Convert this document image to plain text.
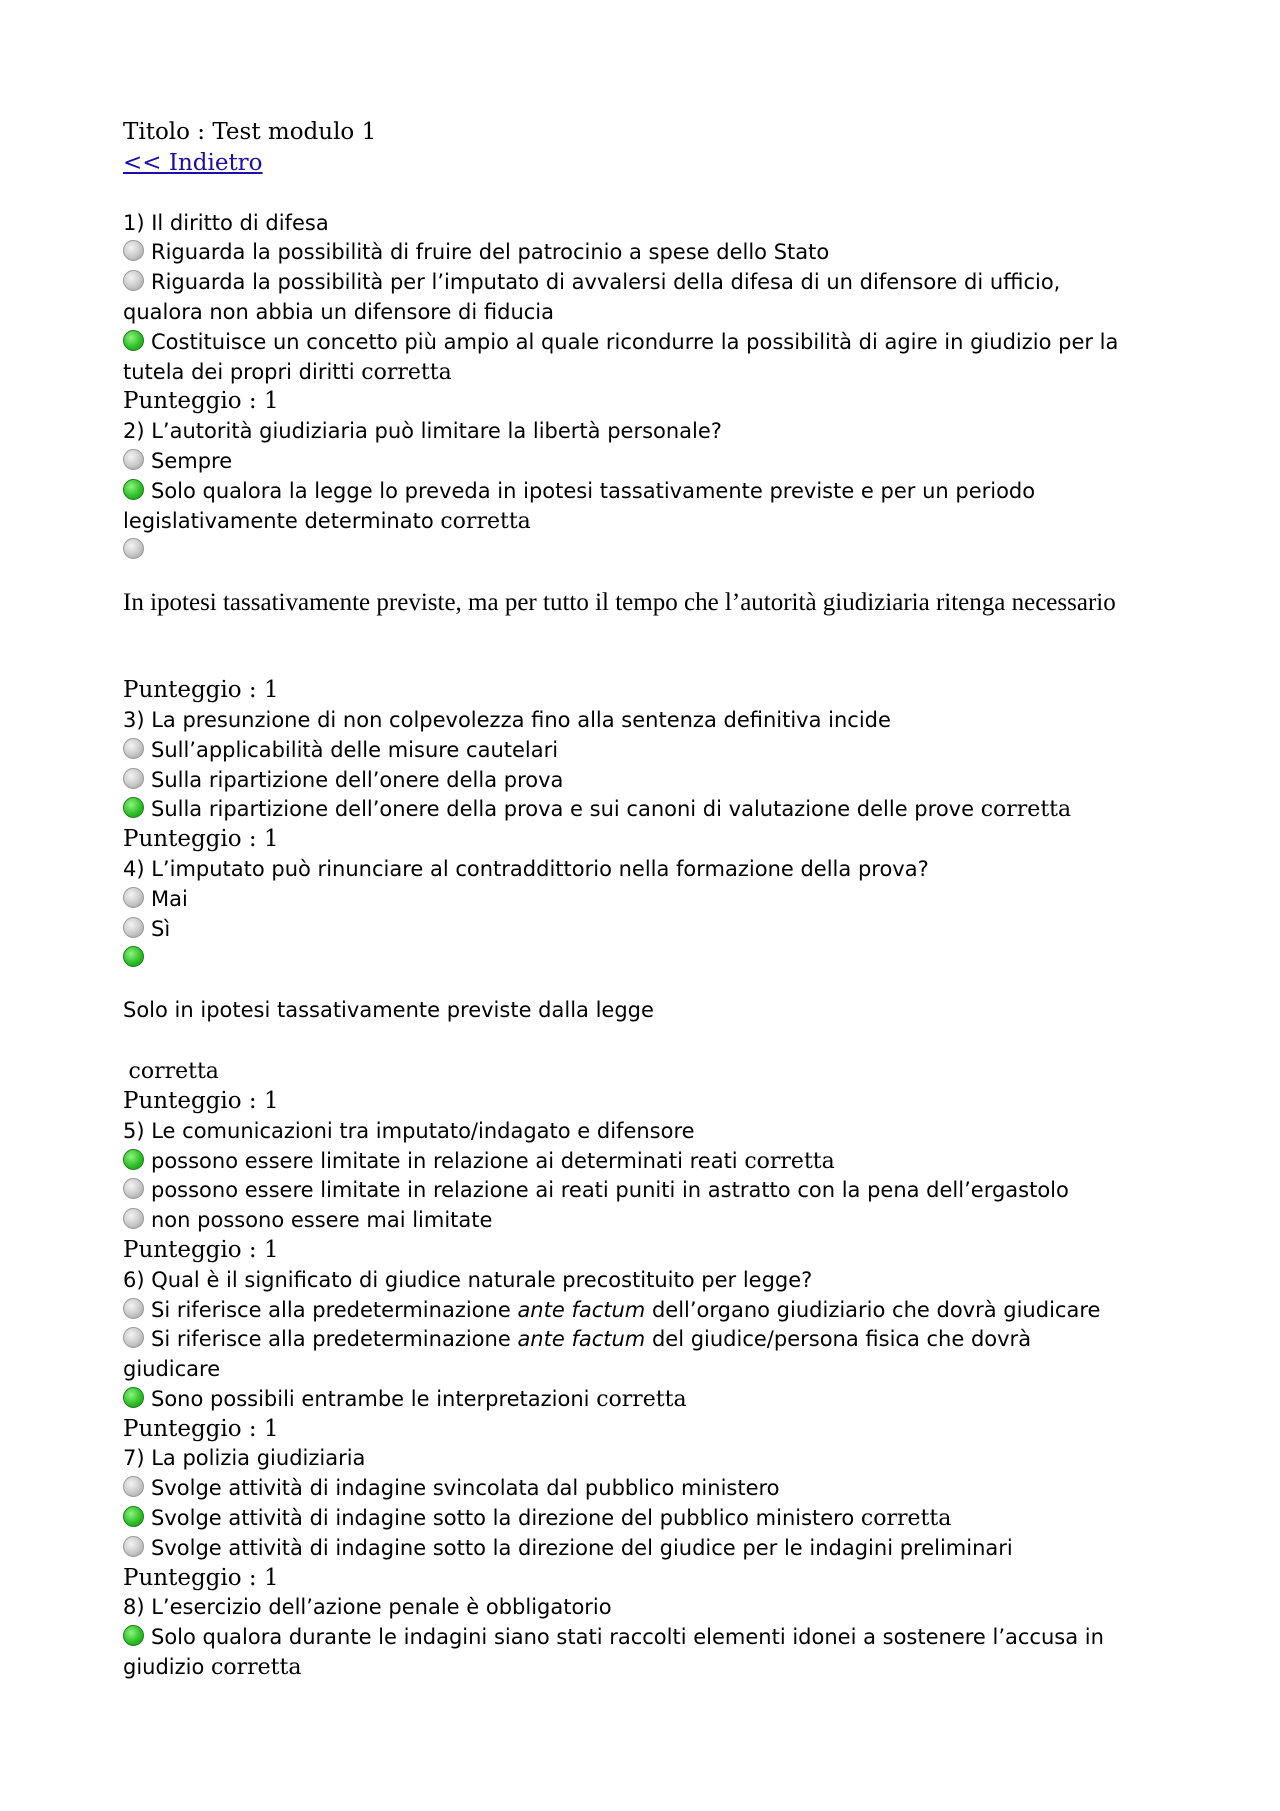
Titolo : Test modulo 1
<< Indietro
1) Il diritto di difesa
Riguarda la possibilità di fruire del patrocinio a spese dello Stato
Riguarda la possibilità per l’imputato di avvalersi della difesa di un difensore di ufficio,
qualora non abbia un difensore di fiducia
Costituisce un concetto più ampio al quale ricondurre la possibilità di agire in giudizio per la
tutela dei propri diritti corretta
Punteggio : 1
2) L’autorità giudiziaria può limitare la libertà personale?
Sempre
Solo qualora la legge lo preveda in ipotesi tassativamente previste e per un periodo
legislativamente determinato corretta
In ipotesi tassativamente previste, ma per tutto il tempo che l’autorità giudiziaria ritenga necessario
Punteggio : 1
3) La presunzione di non colpevolezza fino alla sentenza definitiva incide
Sull’applicabilità delle misure cautelari
Sulla ripartizione dell’onere della prova
Sulla ripartizione dell’onere della prova e sui canoni di valutazione delle prove corretta
Punteggio : 1
4) L’imputato può rinunciare al contraddittorio nella formazione della prova?
Mai
Sì
Solo in ipotesi tassativamente previste dalla legge
corretta
Punteggio : 1
5) Le comunicazioni tra imputato/indagato e difensore
possono essere limitate in relazione ai determinati reati corretta
possono essere limitate in relazione ai reati puniti in astratto con la pena dell’ergastolo
non possono essere mai limitate
Punteggio : 1
6) Qual è il significato di giudice naturale precostituito per legge?
Si riferisce alla predeterminazione ante factum dell’organo giudiziario che dovrà giudicare
Si riferisce alla predeterminazione ante factum del giudice/persona fisica che dovrà
giudicare
Sono possibili entrambe le interpretazioni corretta
Punteggio : 1
7) La polizia giudiziaria
Svolge attività di indagine svincolata dal pubblico ministero
Svolge attività di indagine sotto la direzione del pubblico ministero corretta
Svolge attività di indagine sotto la direzione del giudice per le indagini preliminari
Punteggio : 1
8) L’esercizio dell’azione penale è obbligatorio
Solo qualora durante le indagini siano stati raccolti elementi idonei a sostenere l’accusa in
giudizio corretta
